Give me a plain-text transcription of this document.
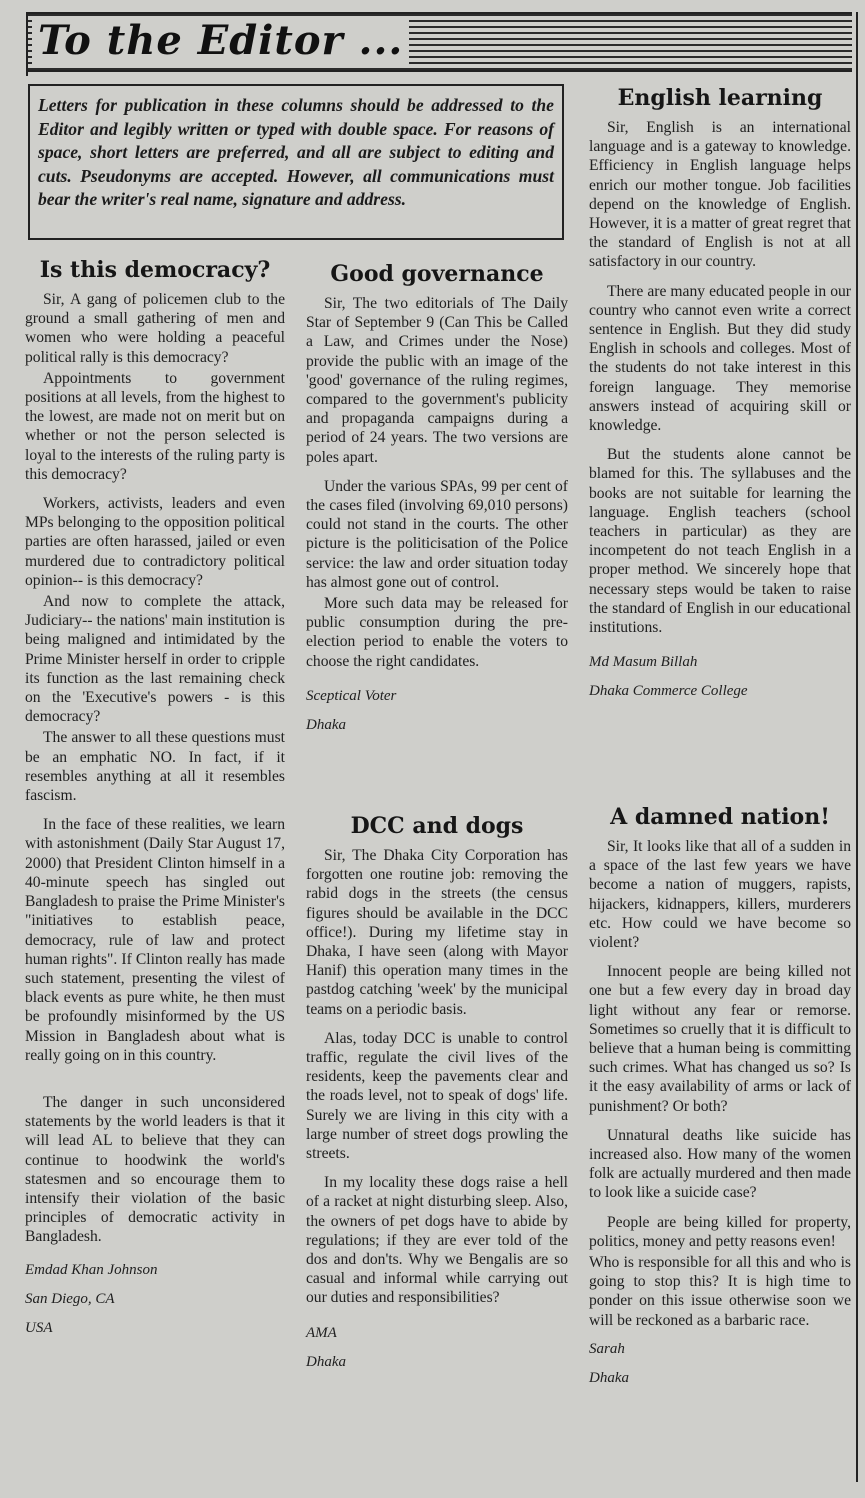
To the Editor ...
Letters for publication in these columns should be addressed to the Editor and legibly written or typed with double space. For reasons of space, short letters are preferred, and all are subject to editing and cuts. Pseudonyms are accepted. However, all communications must bear the writer's real name, signature and address.
Is this democracy?

Sir, A gang of policemen club to the ground a small gathering of men and women who were holding a peaceful political rally is this democracy?

Appointments to government positions at all levels, from the highest to the lowest, are made not on merit but on whether or not the person selected is loyal to the interests of the ruling party is this democracy?

Workers, activists, leaders and even MPs belonging to the opposition political parties are often harassed, jailed or even murdered due to contradictory political opinion-- is this democracy?

And now to complete the attack, Judiciary-- the nations' main institution is being maligned and intimidated by the Prime Minister herself in order to cripple its function as the last remaining check on the 'Executive's powers - is this democracy?

The answer to all these questions must be an emphatic NO. In fact, if it resembles anything at all it resembles fascism.

In the face of these realities, we learn with astonishment (Daily Star August 17, 2000) that President Clinton himself in a 40-minute speech has singled out Bangladesh to praise the Prime Minister's "initiatives to establish peace, democracy, rule of law and protect human rights". If Clinton really has made such statement, presenting the vilest of black events as pure white, he then must be profoundly misinformed by the US Mission in Bangladesh about what is really going on in this country.

The danger in such unconsidered statements by the world leaders is that it will lead AL to believe that they can continue to hoodwink the world's statesmen and so encourage them to intensify their violation of the basic principles of democratic activity in Bangladesh.

Emdad Khan Johnson

San Diego, CA

USA

Good governance

Sir, The two editorials of The Daily Star of September 9 (Can This be Called a Law, and Crimes under the Nose) provide the public with an image of the 'good' governance of the ruling regimes, compared to the government's publicity and propaganda campaigns during a period of 24 years. The two versions are poles apart.

Under the various SPAs, 99 per cent of the cases filed (involving 69,010 persons) could not stand in the courts. The other picture is the politicisation of the Police service: the law and order situation today has almost gone out of control.

More such data may be released for public consumption during the pre-election period to enable the voters to choose the right candidates.

Sceptical Voter

Dhaka

DCC and dogs

Sir, The Dhaka City Corporation has forgotten one routine job: removing the rabid dogs in the streets (the census figures should be available in the DCC office!). During my lifetime stay in Dhaka, I have seen (along with Mayor Hanif) this operation many times in the pastdog catching 'week' by the municipal teams on a periodic basis.

Alas, today DCC is unable to control traffic, regulate the civil lives of the residents, keep the pavements clear and the roads level, not to speak of dogs' life. Surely we are living in this city with a large number of street dogs prowling the streets.

In my locality these dogs raise a hell of a racket at night disturbing sleep. Also, the owners of pet dogs have to abide by regulations; if they are ever told of the dos and don'ts. Why we Bengalis are so casual and informal while carrying out our duties and responsibilities?

AMA

Dhaka

English learning

Sir, English is an international language and is a gateway to knowledge. Efficiency in English language helps enrich our mother tongue. Job facilities depend on the knowledge of English. However, it is a matter of great regret that the standard of English is not at all satisfactory in our country.

There are many educated people in our country who cannot even write a correct sentence in English. But they did study English in schools and colleges. Most of the students do not take interest in this foreign language. They memorise answers instead of acquiring skill or knowledge.

But the students alone cannot be blamed for this. The syllabuses and the books are not suitable for learning the language. English teachers (school teachers in particular) as they are incompetent do not teach English in a proper method. We sincerely hope that necessary steps would be taken to raise the standard of English in our educational institutions.

Md Masum Billah

Dhaka Commerce College

A damned nation!

Sir, It looks like that all of a sudden in a space of the last few years we have become a nation of muggers, rapists, hijackers, kidnappers, killers, murderers etc. How could we have become so violent?

Innocent people are being killed not one but a few every day in broad day light without any fear or remorse. Sometimes so cruelly that it is difficult to believe that a human being is committing such crimes. What has changed us so? Is it the easy availability of arms or lack of punishment? Or both?

Unnatural deaths like suicide has increased also. How many of the women folk are actually murdered and then made to look like a suicide case?

People are being killed for property, politics, money and petty reasons even!

Who is responsible for all this and who is going to stop this? It is high time to ponder on this issue otherwise soon we will be reckoned as a barbaric race.

Sarah

Dhaka
